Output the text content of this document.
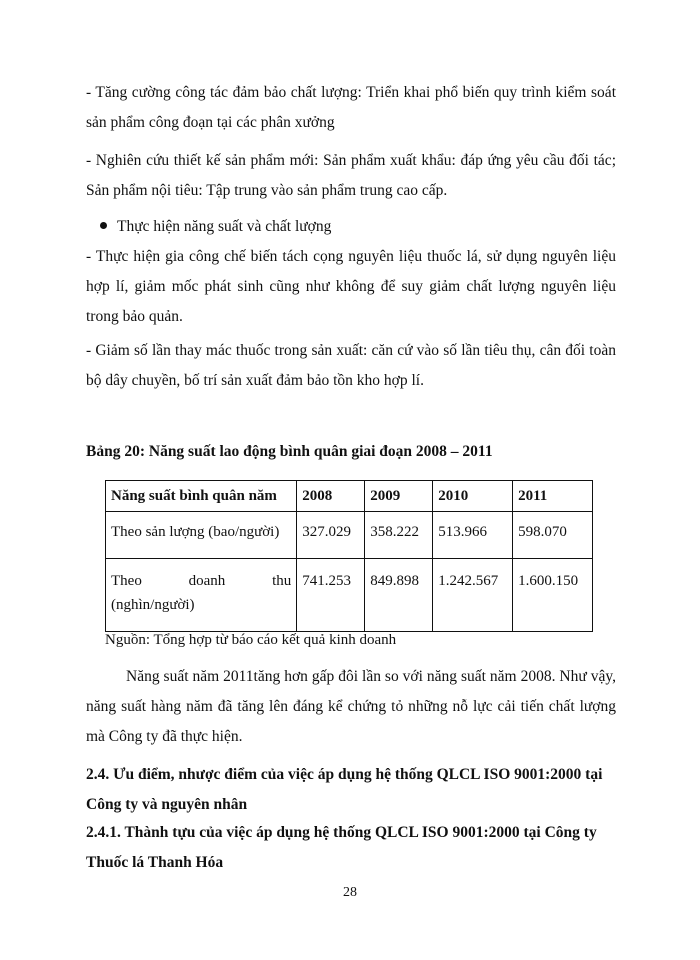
- Tăng cường công tác đảm bảo chất lượng: Triển khai phổ biến quy trình kiểm soát sản phẩm công đoạn tại các phân xưởng

- Nghiên cứu thiết kế sản phẩm mới: Sản phẩm xuất khẩu: đáp ứng yêu cầu đối tác; Sản phẩm nội tiêu: Tập trung vào sản phẩm trung cao cấp.

Thực hiện năng suất và chất lượng

- Thực hiện gia công chế biến tách cọng nguyên liệu thuốc lá, sử dụng nguyên liệu hợp lí, giảm mốc phát sinh cũng như không để suy giảm chất lượng nguyên liệu trong bảo quản.

- Giảm số lần thay mác thuốc trong sản xuất: căn cứ vào số lần tiêu thụ, cân đối toàn bộ dây chuyền, bố trí sản xuất đảm bảo tồn kho hợp lí.

Bảng 20: Năng suất lao động bình quân giai đoạn 2008 – 2011
Năng suất bình quân năm	2008	2009	2010	2011
Theo sản lượng (bao/người)	327.029	358.222	513.966	598.070

Theo doanh thu
(nghìn/người)	741.253	849.898	1.242.567	1.600.150
Nguồn: Tổng hợp từ báo cáo kết quả kinh doanh

Năng suất năm 2011tăng hơn gấp đôi lần so với năng suất năm 2008. Như vậy, năng suất hàng năm đã tăng lên đáng kể chứng tỏ những nỗ lực cải tiến chất lượng mà Công ty đã thực hiện.

2.4. Ưu điểm, nhược điểm của việc áp dụng hệ thống QLCL ISO 9001:2000 tại Công ty và nguyên nhân

2.4.1. Thành tựu của việc áp dụng hệ thống QLCL ISO 9001:2000 tại Công ty Thuốc lá Thanh Hóa

28
